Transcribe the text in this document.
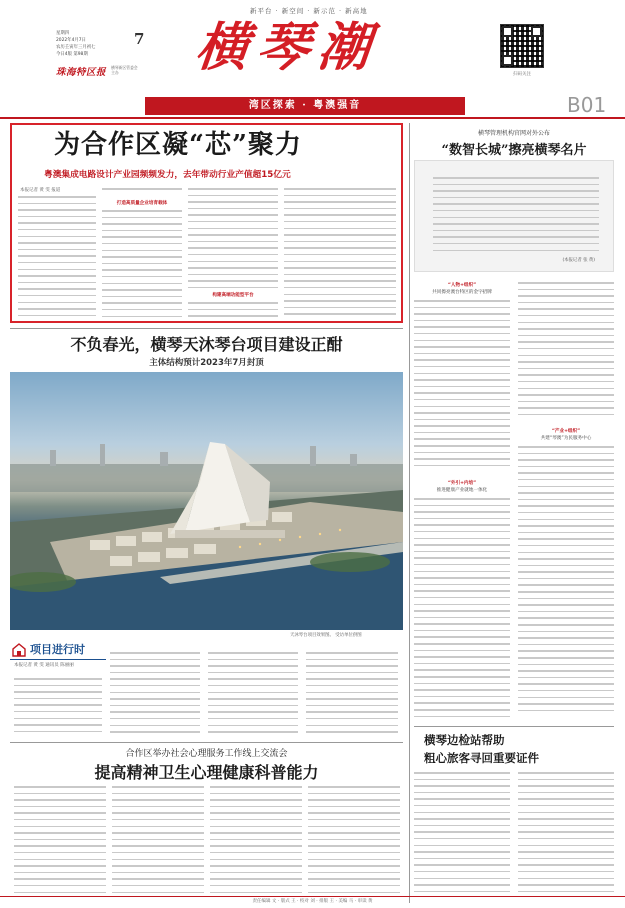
新平台 · 新空间 · 新示范 · 新高地
星期四
2022年4月7日
农历壬寅年三月初七
今日4版 第98期
7
珠海特区报 横琴新区管委会主办	横琴潮	扫码关注
湾区探索 · 粤澳强音	B01
为合作区凝“芯”聚力
粤澳集成电路设计产业园频频发力，去年带动行业产值超15亿元
本报记者 黄 雯 报道
打造高质量企业培育载体
构建高端功能型平台
横琴管理机构官网对外公布
“数智长城”擦亮横琴名片
(本报记者 张 黄)
“人物+组织”
共同擦亮澳台特区的金字招牌
“外引+内培”
推进健康产业就地一体化
“产业+组织”
共建“琴澳”为民服务中心
横琴边检站帮助
粗心旅客寻回重要证件
不负春光，横琴天沐琴台项目建设正酣
主体结构预计2023年7月封顶
天沐琴台项目效果图。 受访单位供图
项目进行时
本报记者 黄 雯 通讯员 陈丽丽
合作区举办社会心理服务工作线上交流会
提高精神卫生心理健康科普能力
责任编辑 文 · 版式 王 · 校对 刘 · 排版 王 · 美编 马 · 审读 黄
